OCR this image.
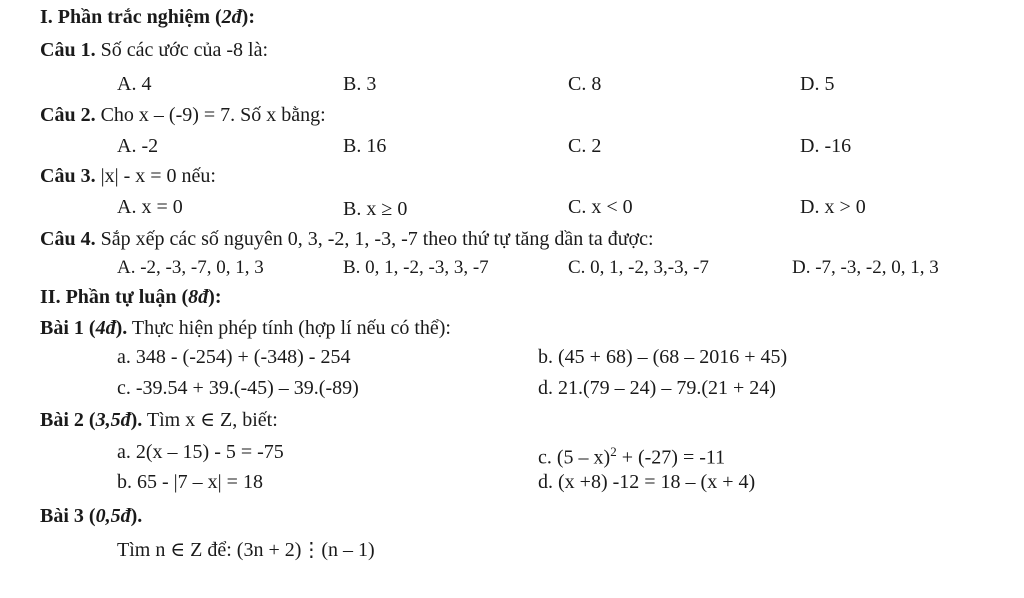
I. Phần trắc nghiệm (2đ):
Câu 1. Số các ước của -8 là:
A. 4	B. 3	C. 8	D. 5
Câu 2. Cho x – (-9) = 7. Số x bằng:
A. -2	B. 16	C. 2	D. -16
Câu 3. |x| - x = 0 nếu:
A. x = 0	B. x ≥ 0	C. x < 0	D. x > 0
Câu 4. Sắp xếp các số nguyên 0, 3, -2, 1, -3, -7 theo thứ tự tăng dần ta được:
A. -2, -3, -7, 0, 1, 3	B. 0, 1, -2, -3, 3, -7	C. 0, 1, -2, 3,-3, -7	D. -7, -3, -2, 0, 1, 3
II. Phần tự luận (8đ):
Bài 1 (4đ). Thực hiện phép tính (hợp lí nếu có thể):
a. 348 - (-254) + (-348) - 254	b. (45 + 68) – (68 – 2016 + 45)
c. -39.54 + 39.(-45) – 39.(-89)	d. 21.(79 – 24) – 79.(21 + 24)
Bài 2 (3,5đ). Tìm x ∈ Z, biết:
a. 2(x – 15) - 5 = -75	c. (5 – x)$^2$ + (-27) = -11
b. 65 - |7 – x| = 18	d. (x +8) -12 = 18 – (x + 4)
Bài 3 (0,5đ).
Tìm n ∈ Z để: (3n + 2)⋮(n – 1)
